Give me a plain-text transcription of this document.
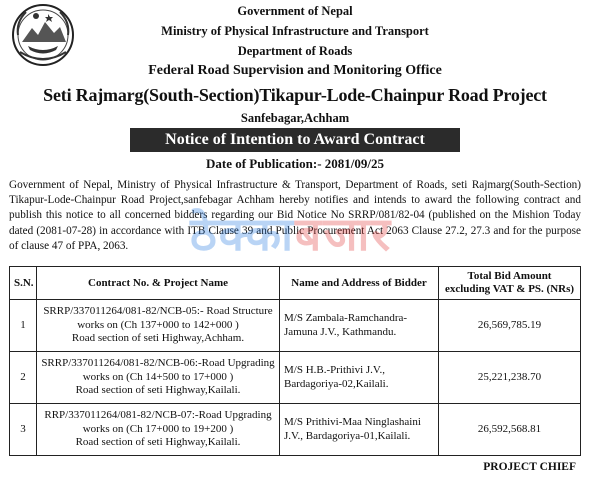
Government of Nepal
Ministry of Physical Infrastructure and Transport
Department of Roads
Federal Road Supervision and Monitoring Office
Seti Rajmarg(South-Section)Tikapur-Lode-Chainpur Road Project
Sanfebagar,Achham
Notice of Intention to Award Contract
Date of Publication:- 2081/09/25

Government of Nepal, Ministry of Physical Infrastructure & Transport, Department of Roads, seti Rajmarg(South-Section) Tikapur-Lode-Chainpur Road Project,sanfebagar Achham hereby notifies and intends to award the following contract and publish this notice to all concerned bidders regarding our Bid Notice No SRRP/081/82-04 (published on the Mishion Today dated (2081-07-28) in accordance with ITB Clause 39 and Public Procurement Act 2063 Clause 27.2, 27.3 and for the purpose of clause 47 of PPA, 2063.	ठेक्काबजार
S.N.	Contract No. & Project Name	Name and Address of Bidder	Total Bid Amount
excluding VAT & PS. (NRs)
1	SRRP/337011264/081-82/NCB-05:- Road Structure
works on (Ch 137+000 to 142+000 )
Road section of seti Highway,Achham.	M/S Zambala-Ramchandra-
Jamuna J.V., Kathmandu.	26,569,785.19
2	SRRP/337011264/081-82/NCB-06:-Road Upgrading
works on (Ch 14+500 to 17+000 )
Road section of seti Highway,Kailali.	M/S H.B.-Prithivi J.V.,
Bardagoriya-02,Kailali.	25,221,238.70
3	RRP/337011264/081-82/NCB-07:-Road Upgrading
works on (Ch 17+000 to 19+200 )
Road section of seti Highway,Kailali.	M/S Prithivi-Maa Ninglashaini
J.V., Bardagoriya-01,Kailali.	26,592,568.81
PROJECT CHIEF
